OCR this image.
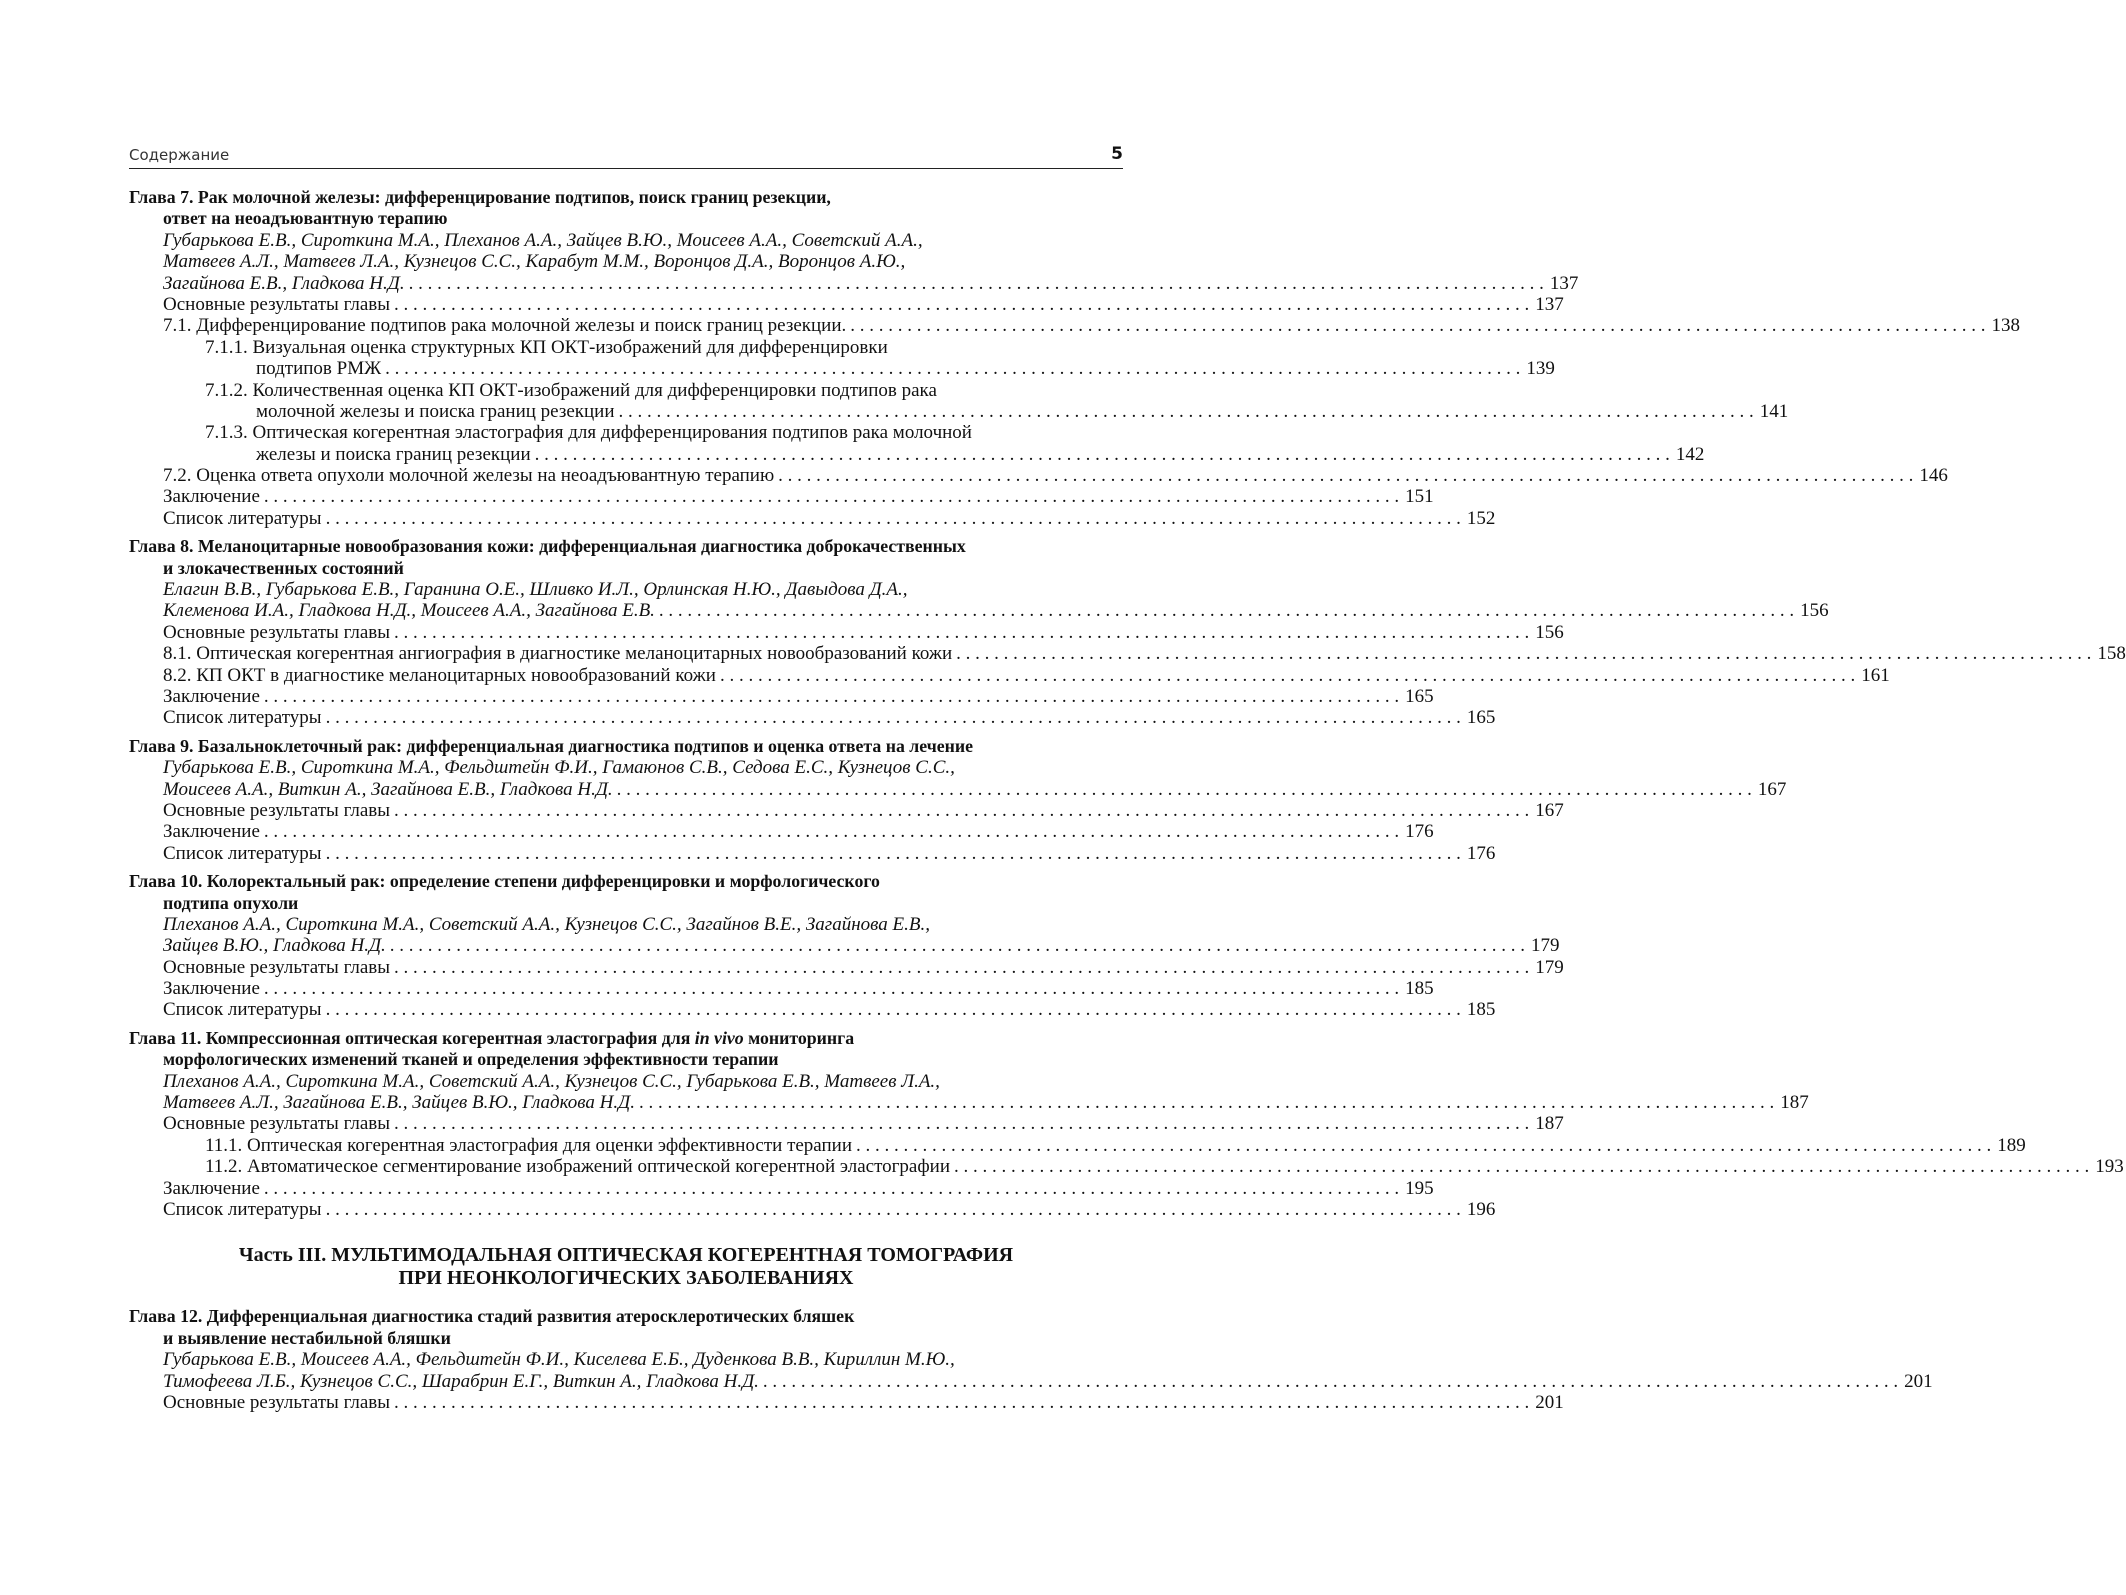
Содержание	5
Глава 7. Рак молочной железы: дифференцирование подтипов, поиск границ резекции,
ответ на неоадъювантную терапию
Губарькова Е.В., Сироткина М.А., Плеханов А.А., Зайцев В.Ю., Моисеев А.А., Советский А.А.,
Матвеев А.Л., Матвеев Л.А., Кузнецов С.С., Карабут М.М., Воронцов Д.А., Воронцов А.Ю.,
Загайнова Е.В., Гладкова Н.Д. . . .	137
Основные результаты главы . . .	137
7.1. Дифференцирование подтипов рака молочной железы и поиск границ резекции. . . .	138
7.1.1. Визуальная оценка структурных КП ОКТ-изображений для дифференцировки
подтипов РМЖ . . .	139
7.1.2. Количественная оценка КП ОКТ-изображений для дифференцировки подтипов рака
молочной железы и поиска границ резекции . . .	141
7.1.3. Оптическая когерентная эластография для дифференцирования подтипов рака молочной
железы и поиска границ резекции . . .	142
7.2. Оценка ответа опухоли молочной железы на неоадъювантную терапию . . .	146
Заключение . . .	151
Список литературы . . .	152
Глава 8. Меланоцитарные новообразования кожи: дифференциальная диагностика доброкачественных
и злокачественных состояний
Елагин В.В., Губарькова Е.В., Гаранина О.Е., Шливко И.Л., Орлинская Н.Ю., Давыдова Д.А.,
Клеменова И.А., Гладкова Н.Д., Моисеев А.А., Загайнова Е.В. . . .	156
Основные результаты главы . . .	156
8.1. Оптическая когерентная ангиография в диагностике меланоцитарных новообразований кожи . . .	158
8.2. КП ОКТ в диагностике меланоцитарных новообразований кожи . . .	161
Заключение . . .	165
Список литературы . . .	165
Глава 9. Базальноклеточный рак: дифференциальная диагностика подтипов и оценка ответа на лечение
Губарькова Е.В., Сироткина М.А., Фельдштейн Ф.И., Гамаюнов С.В., Седова Е.С., Кузнецов С.С.,
Моисеев А.А., Виткин А., Загайнова Е.В., Гладкова Н.Д. . . .	167
Основные результаты главы . . .	167
Заключение . . .	176
Список литературы . . .	176
Глава 10. Колоректальный рак: определение степени дифференцировки и морфологического
подтипа опухоли
Плеханов А.А., Сироткина М.А., Советский А.А., Кузнецов С.С., Загайнов В.Е., Загайнова Е.В.,
Зайцев В.Ю., Гладкова Н.Д. . . .	179
Основные результаты главы . . .	179
Заключение . . .	185
Список литературы . . .	185
Глава 11. Компрессионная оптическая когерентная эластография для in vivo мониторинга
морфологических изменений тканей и определения эффективности терапии
Плеханов А.А., Сироткина М.А., Советский А.А., Кузнецов С.С., Губарькова Е.В., Матвеев Л.А.,
Матвеев А.Л., Загайнова Е.В., Зайцев В.Ю., Гладкова Н.Д. . . .	187
Основные результаты главы . . .	187
11.1. Оптическая когерентная эластография для оценки эффективности терапии . . .	189
11.2. Автоматическое сегментирование изображений оптической когерентной эластографии . . .	193
Заключение . . .	195
Список литературы . . .	196
Часть III. МУЛЬТИМОДАЛЬНАЯ ОПТИЧЕСКАЯ КОГЕРЕНТНАЯ ТОМОГРАФИЯ
ПРИ НЕОНКОЛОГИЧЕСКИХ ЗАБОЛЕВАНИЯХ
Глава 12. Дифференциальная диагностика стадий развития атеросклеротических бляшек
и выявление нестабильной бляшки
Губарькова Е.В., Моисеев А.А., Фельдштейн Ф.И., Киселева Е.Б., Дуденкова В.В., Кириллин М.Ю.,
Тимофеева Л.Б., Кузнецов С.С., Шарабрин Е.Г., Виткин А., Гладкова Н.Д. . . .	201
Основные результаты главы . . .	201
